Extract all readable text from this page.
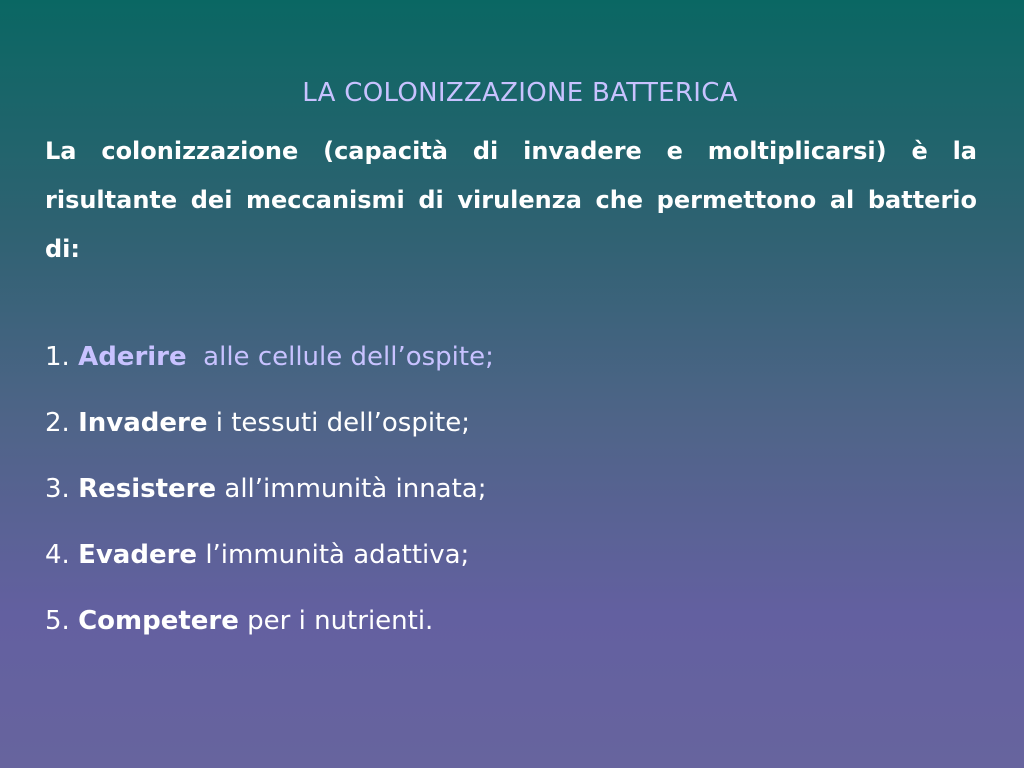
LA COLONIZZAZIONE BATTERICA
La colonizzazione (capacità di invadere e moltiplicarsi) è la risultante dei meccanismi di virulenza che permettono al batterio di:
1. Aderire alle cellule dell’ospite;
2. Invadere i tessuti dell’ospite;
3. Resistere all’immunità innata;
4. Evadere l’immunità adattiva;
5. Competere per i nutrienti.
